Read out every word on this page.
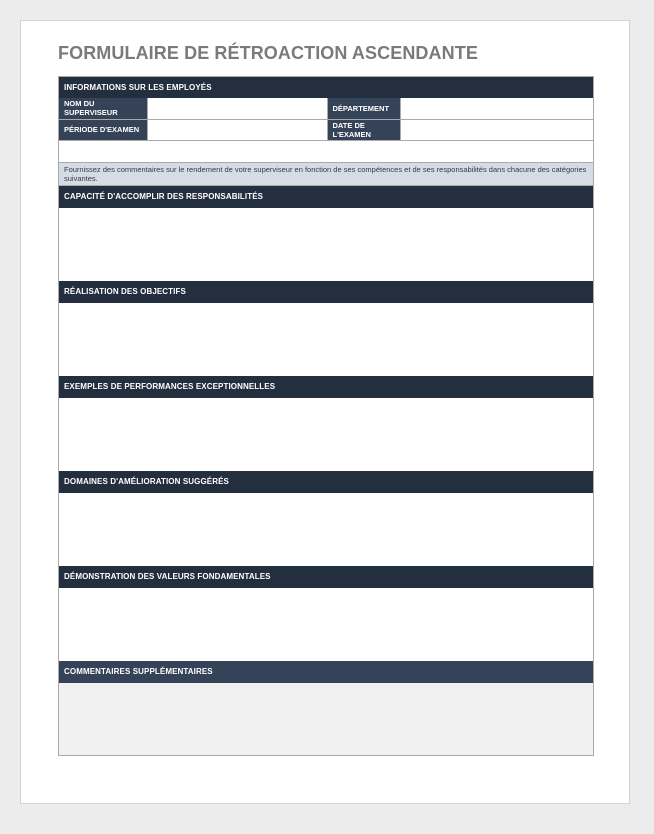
FORMULAIRE DE RÉTROACTION ASCENDANTE
INFORMATIONS SUR LES EMPLOYÉS
NOM DU SUPERVISEUR		DÉPARTEMENT	
PÉRIODE D'EXAMEN		DATE DE L'EXAMEN	
Fournissez des commentaires sur le rendement de votre superviseur en fonction de ses compétences et de ses responsabilités dans chacune des catégories suivantes.
CAPACITÉ D'ACCOMPLIR DES RESPONSABILITÉS
RÉALISATION DES OBJECTIFS
EXEMPLES DE PERFORMANCES EXCEPTIONNELLES
DOMAINES D'AMÉLIORATION SUGGÉRÉS
DÉMONSTRATION DES VALEURS FONDAMENTALES
COMMENTAIRES SUPPLÉMENTAIRES
